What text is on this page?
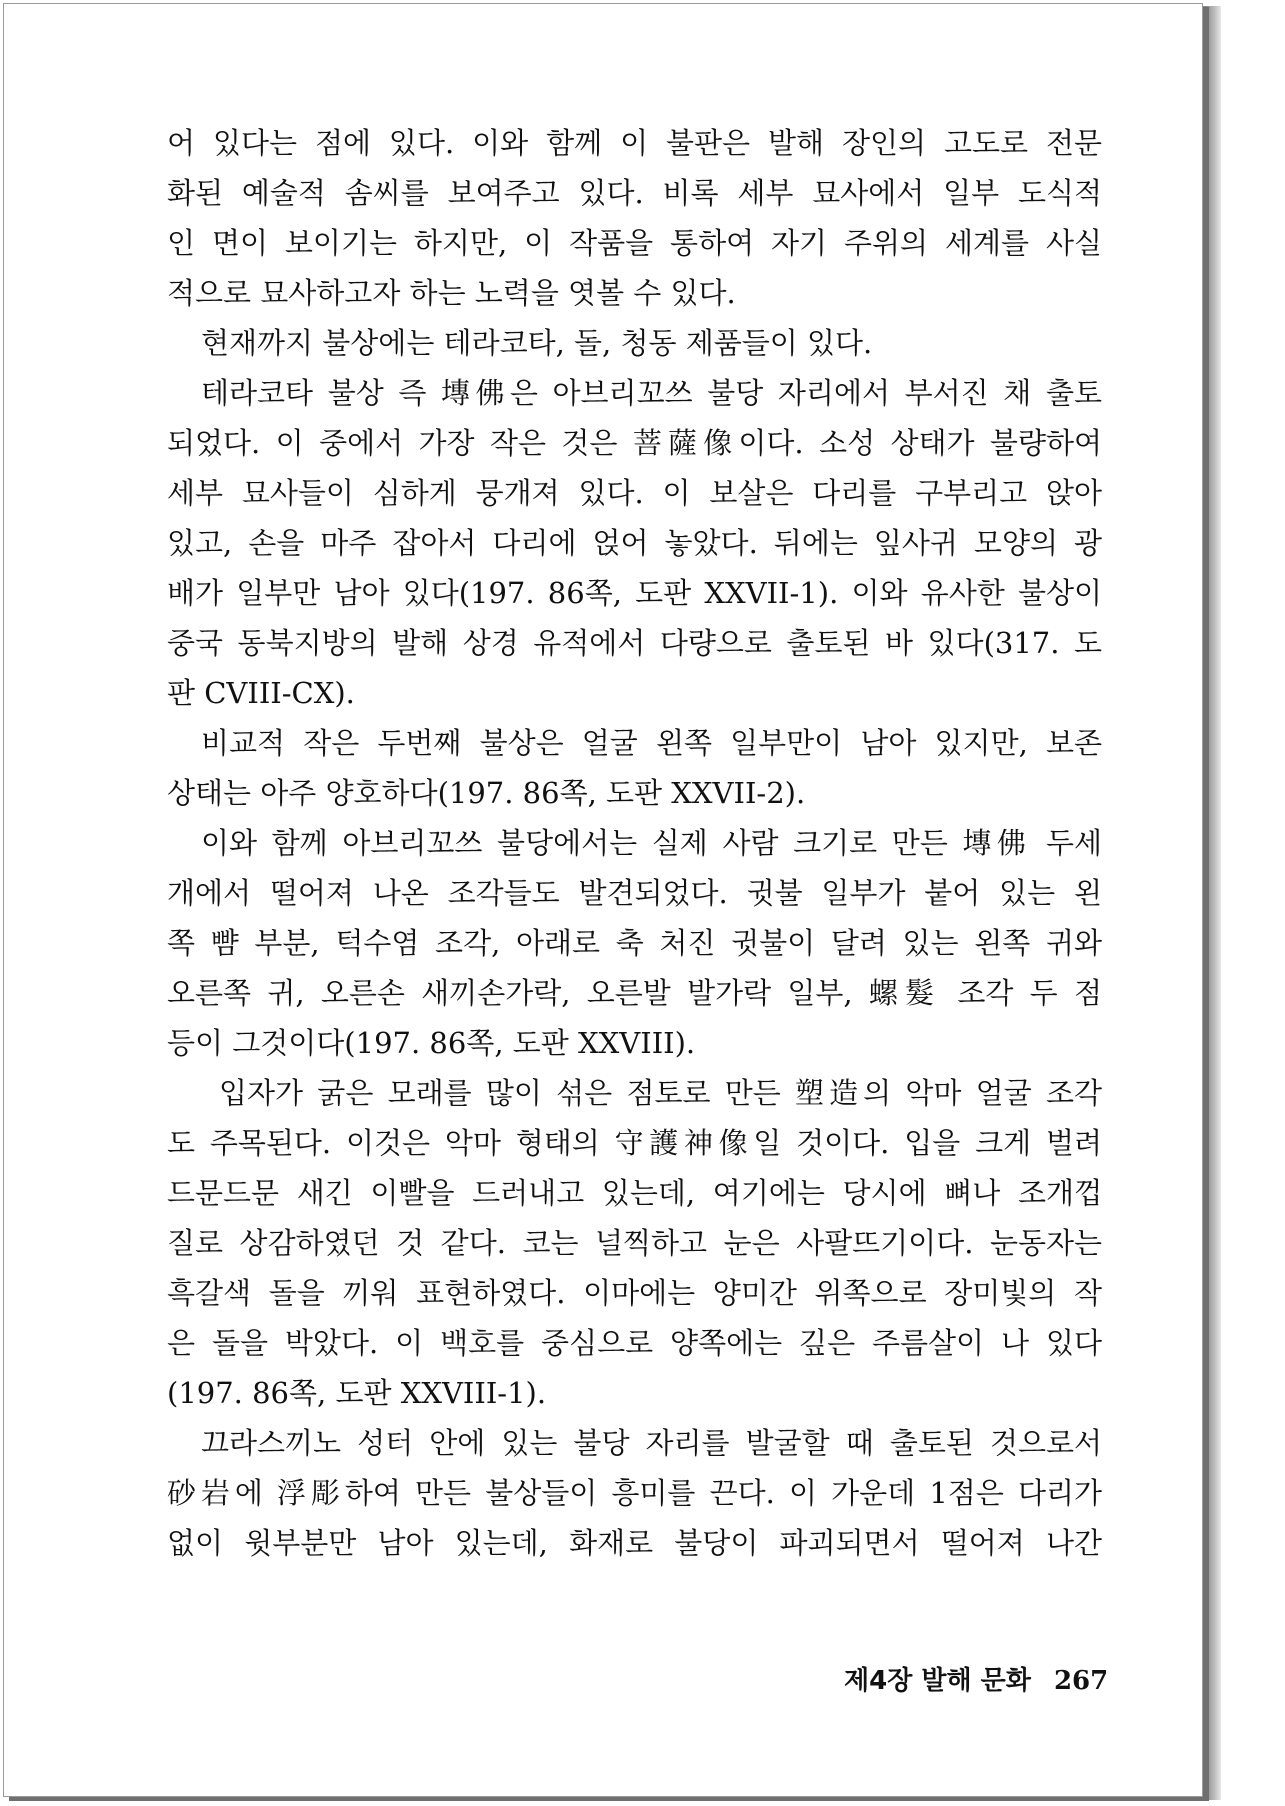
어 있다는 점에 있다. 이와 함께 이 불판은 발해 장인의 고도로 전문
화된 예술적 솜씨를 보여주고 있다. 비록 세부 묘사에서 일부 도식적
인 면이 보이기는 하지만, 이 작품을 통하여 자기 주위의 세계를 사실
적으로 묘사하고자 하는 노력을 엿볼 수 있다.
현재까지 불상에는 테라코타, 돌, 청동 제품들이 있다.
테라코타 불상 즉 塼佛은 아브리꼬쓰 불당 자리에서 부서진 채 출토
되었다. 이 중에서 가장 작은 것은 菩薩像이다. 소성 상태가 불량하여
세부 묘사들이 심하게 뭉개져 있다. 이 보살은 다리를 구부리고 앉아
있고, 손을 마주 잡아서 다리에 얹어 놓았다. 뒤에는 잎사귀 모양의 광
배가 일부만 남아 있다(197. 86쪽, 도판 XXVII-1). 이와 유사한 불상이
중국 동북지방의 발해 상경 유적에서 다량으로 출토된 바 있다(317. 도
판 CVIII-CX).
비교적 작은 두번째 불상은 얼굴 왼쪽 일부만이 남아 있지만, 보존
상태는 아주 양호하다(197. 86쪽, 도판 XXVII-2).
이와 함께 아브리꼬쓰 불당에서는 실제 사람 크기로 만든 塼佛 두세
개에서 떨어져 나온 조각들도 발견되었다. 귓불 일부가 붙어 있는 왼
쪽 뺨 부분, 턱수염 조각, 아래로 축 처진 귓불이 달려 있는 왼쪽 귀와
오른쪽 귀, 오른손 새끼손가락, 오른발 발가락 일부, 螺髮 조각 두 점
등이 그것이다(197. 86쪽, 도판 XXVIII).
입자가 굵은 모래를 많이 섞은 점토로 만든 塑造의 악마 얼굴 조각
도 주목된다. 이것은 악마 형태의 守護神像일 것이다. 입을 크게 벌려
드문드문 새긴 이빨을 드러내고 있는데, 여기에는 당시에 뼈나 조개껍
질로 상감하였던 것 같다. 코는 널찍하고 눈은 사팔뜨기이다. 눈동자는
흑갈색 돌을 끼워 표현하였다. 이마에는 양미간 위쪽으로 장미빛의 작
은 돌을 박았다. 이 백호를 중심으로 양쪽에는 깊은 주름살이 나 있다
(197. 86쪽, 도판 XXVIII-1).
끄라스끼노 성터 안에 있는 불당 자리를 발굴할 때 출토된 것으로서
砂岩에 浮彫하여 만든 불상들이 흥미를 끈다. 이 가운데 1점은 다리가
없이 윗부분만 남아 있는데, 화재로 불당이 파괴되면서 떨어져 나간
제4장 발해 문화 267
